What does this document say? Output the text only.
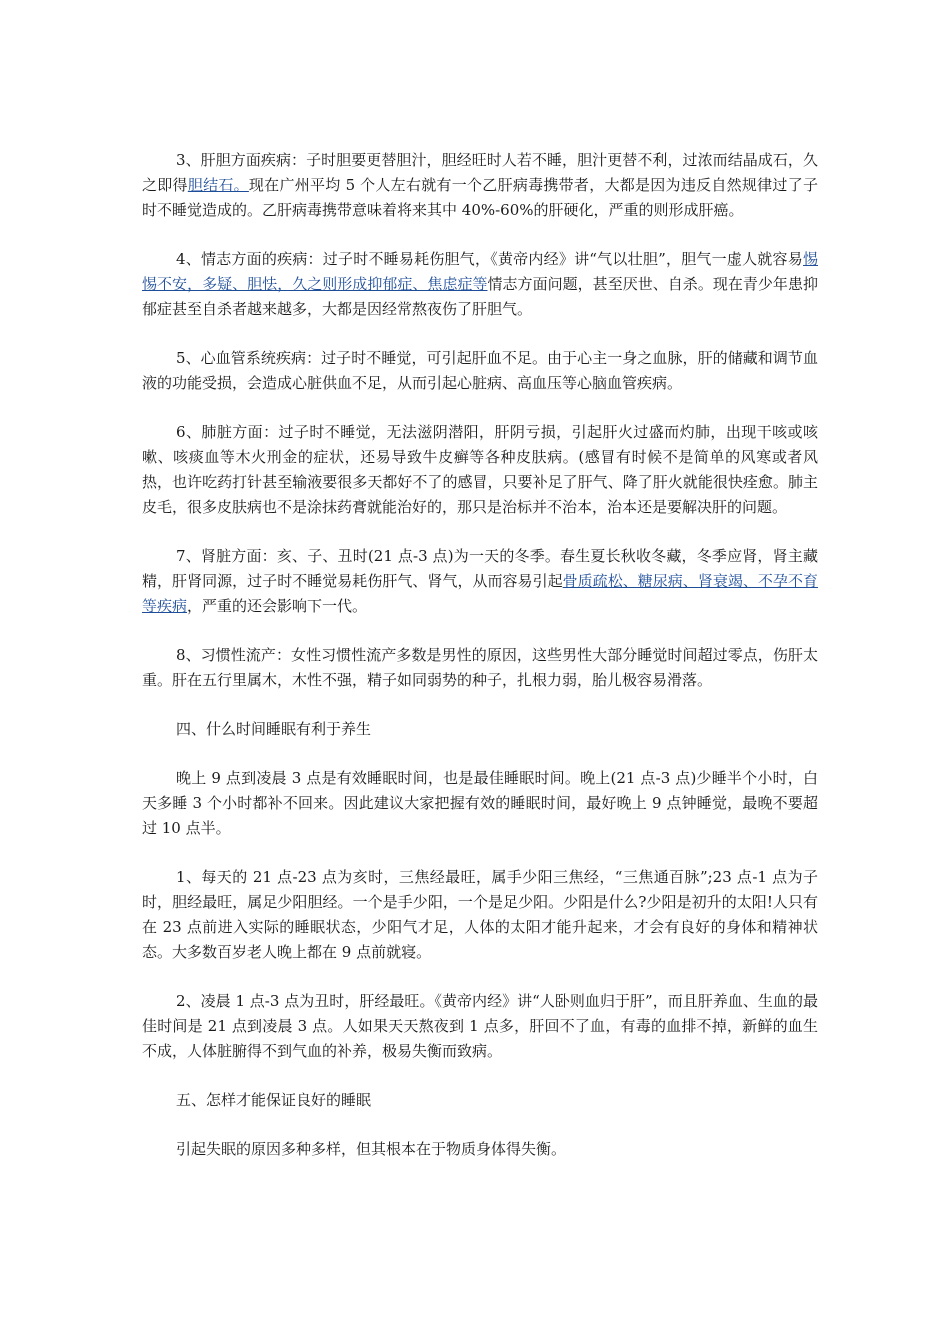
3、肝胆方面疾病：子时胆要更替胆汁，胆经旺时人若不睡，胆汁更替不利，过浓而结晶成石，久之即得胆结石。现在广州平均 5 个人左右就有一个乙肝病毒携带者，大都是因为违反自然规律过了子时不睡觉造成的。乙肝病毒携带意味着将来其中 40%-60%的肝硬化，严重的则形成肝癌。

4、情志方面的疾病：过子时不睡易耗伤胆气，《黄帝内经》讲“气以壮胆”，胆气一虚人就容易惕惕不安，多疑、胆怯，久之则形成抑郁症、焦虑症等情志方面问题，甚至厌世、自杀。现在青少年患抑郁症甚至自杀者越来越多，大都是因经常熬夜伤了肝胆气。

5、心血管系统疾病：过子时不睡觉，可引起肝血不足。由于心主一身之血脉，肝的储藏和调节血液的功能受损，会造成心脏供血不足，从而引起心脏病、高血压等心脑血管疾病。

6、肺脏方面：过子时不睡觉，无法滋阴潜阳，肝阴亏损，引起肝火过盛而灼肺，出现干咳或咳嗽、咳痰血等木火刑金的症状，还易导致牛皮癣等各种皮肤病。(感冒有时候不是简单的风寒或者风热，也许吃药打针甚至输液要很多天都好不了的感冒，只要补足了肝气、降了肝火就能很快痊愈。肺主皮毛，很多皮肤病也不是涂抹药膏就能治好的，那只是治标并不治本，治本还是要解决肝的问题。

7、肾脏方面：亥、子、丑时(21 点-3 点)为一天的冬季。春生夏长秋收冬藏，冬季应肾，肾主藏精，肝肾同源，过子时不睡觉易耗伤肝气、肾气，从而容易引起骨质疏松、糖尿病、肾衰竭、不孕不育等疾病，严重的还会影响下一代。

8、习惯性流产：女性习惯性流产多数是男性的原因，这些男性大部分睡觉时间超过零点，伤肝太重。肝在五行里属木，木性不强，精子如同弱势的种子，扎根力弱，胎儿极容易滑落。

四、什么时间睡眠有利于养生

晚上 9 点到凌晨 3 点是有效睡眠时间，也是最佳睡眠时间。晚上(21 点-3 点)少睡半个小时，白天多睡 3 个小时都补不回来。因此建议大家把握有效的睡眠时间，最好晚上 9 点钟睡觉，最晚不要超过 10 点半。

1、每天的 21 点-23 点为亥时，三焦经最旺，属手少阳三焦经，“三焦通百脉”;23 点-1 点为子时，胆经最旺，属足少阳胆经。一个是手少阳，一个是足少阳。少阳是什么?少阳是初升的太阳!人只有在 23 点前进入实际的睡眠状态，少阳气才足，人体的太阳才能升起来，才会有良好的身体和精神状态。大多数百岁老人晚上都在 9 点前就寝。

2、凌晨 1 点-3 点为丑时，肝经最旺。《黄帝内经》讲“人卧则血归于肝”，而且肝养血、生血的最佳时间是 21 点到凌晨 3 点。人如果天天熬夜到 1 点多，肝回不了血，有毒的血排不掉，新鲜的血生不成，人体脏腑得不到气血的补养，极易失衡而致病。

五、怎样才能保证良好的睡眠

引起失眠的原因多种多样，但其根本在于物质身体得失衡。
